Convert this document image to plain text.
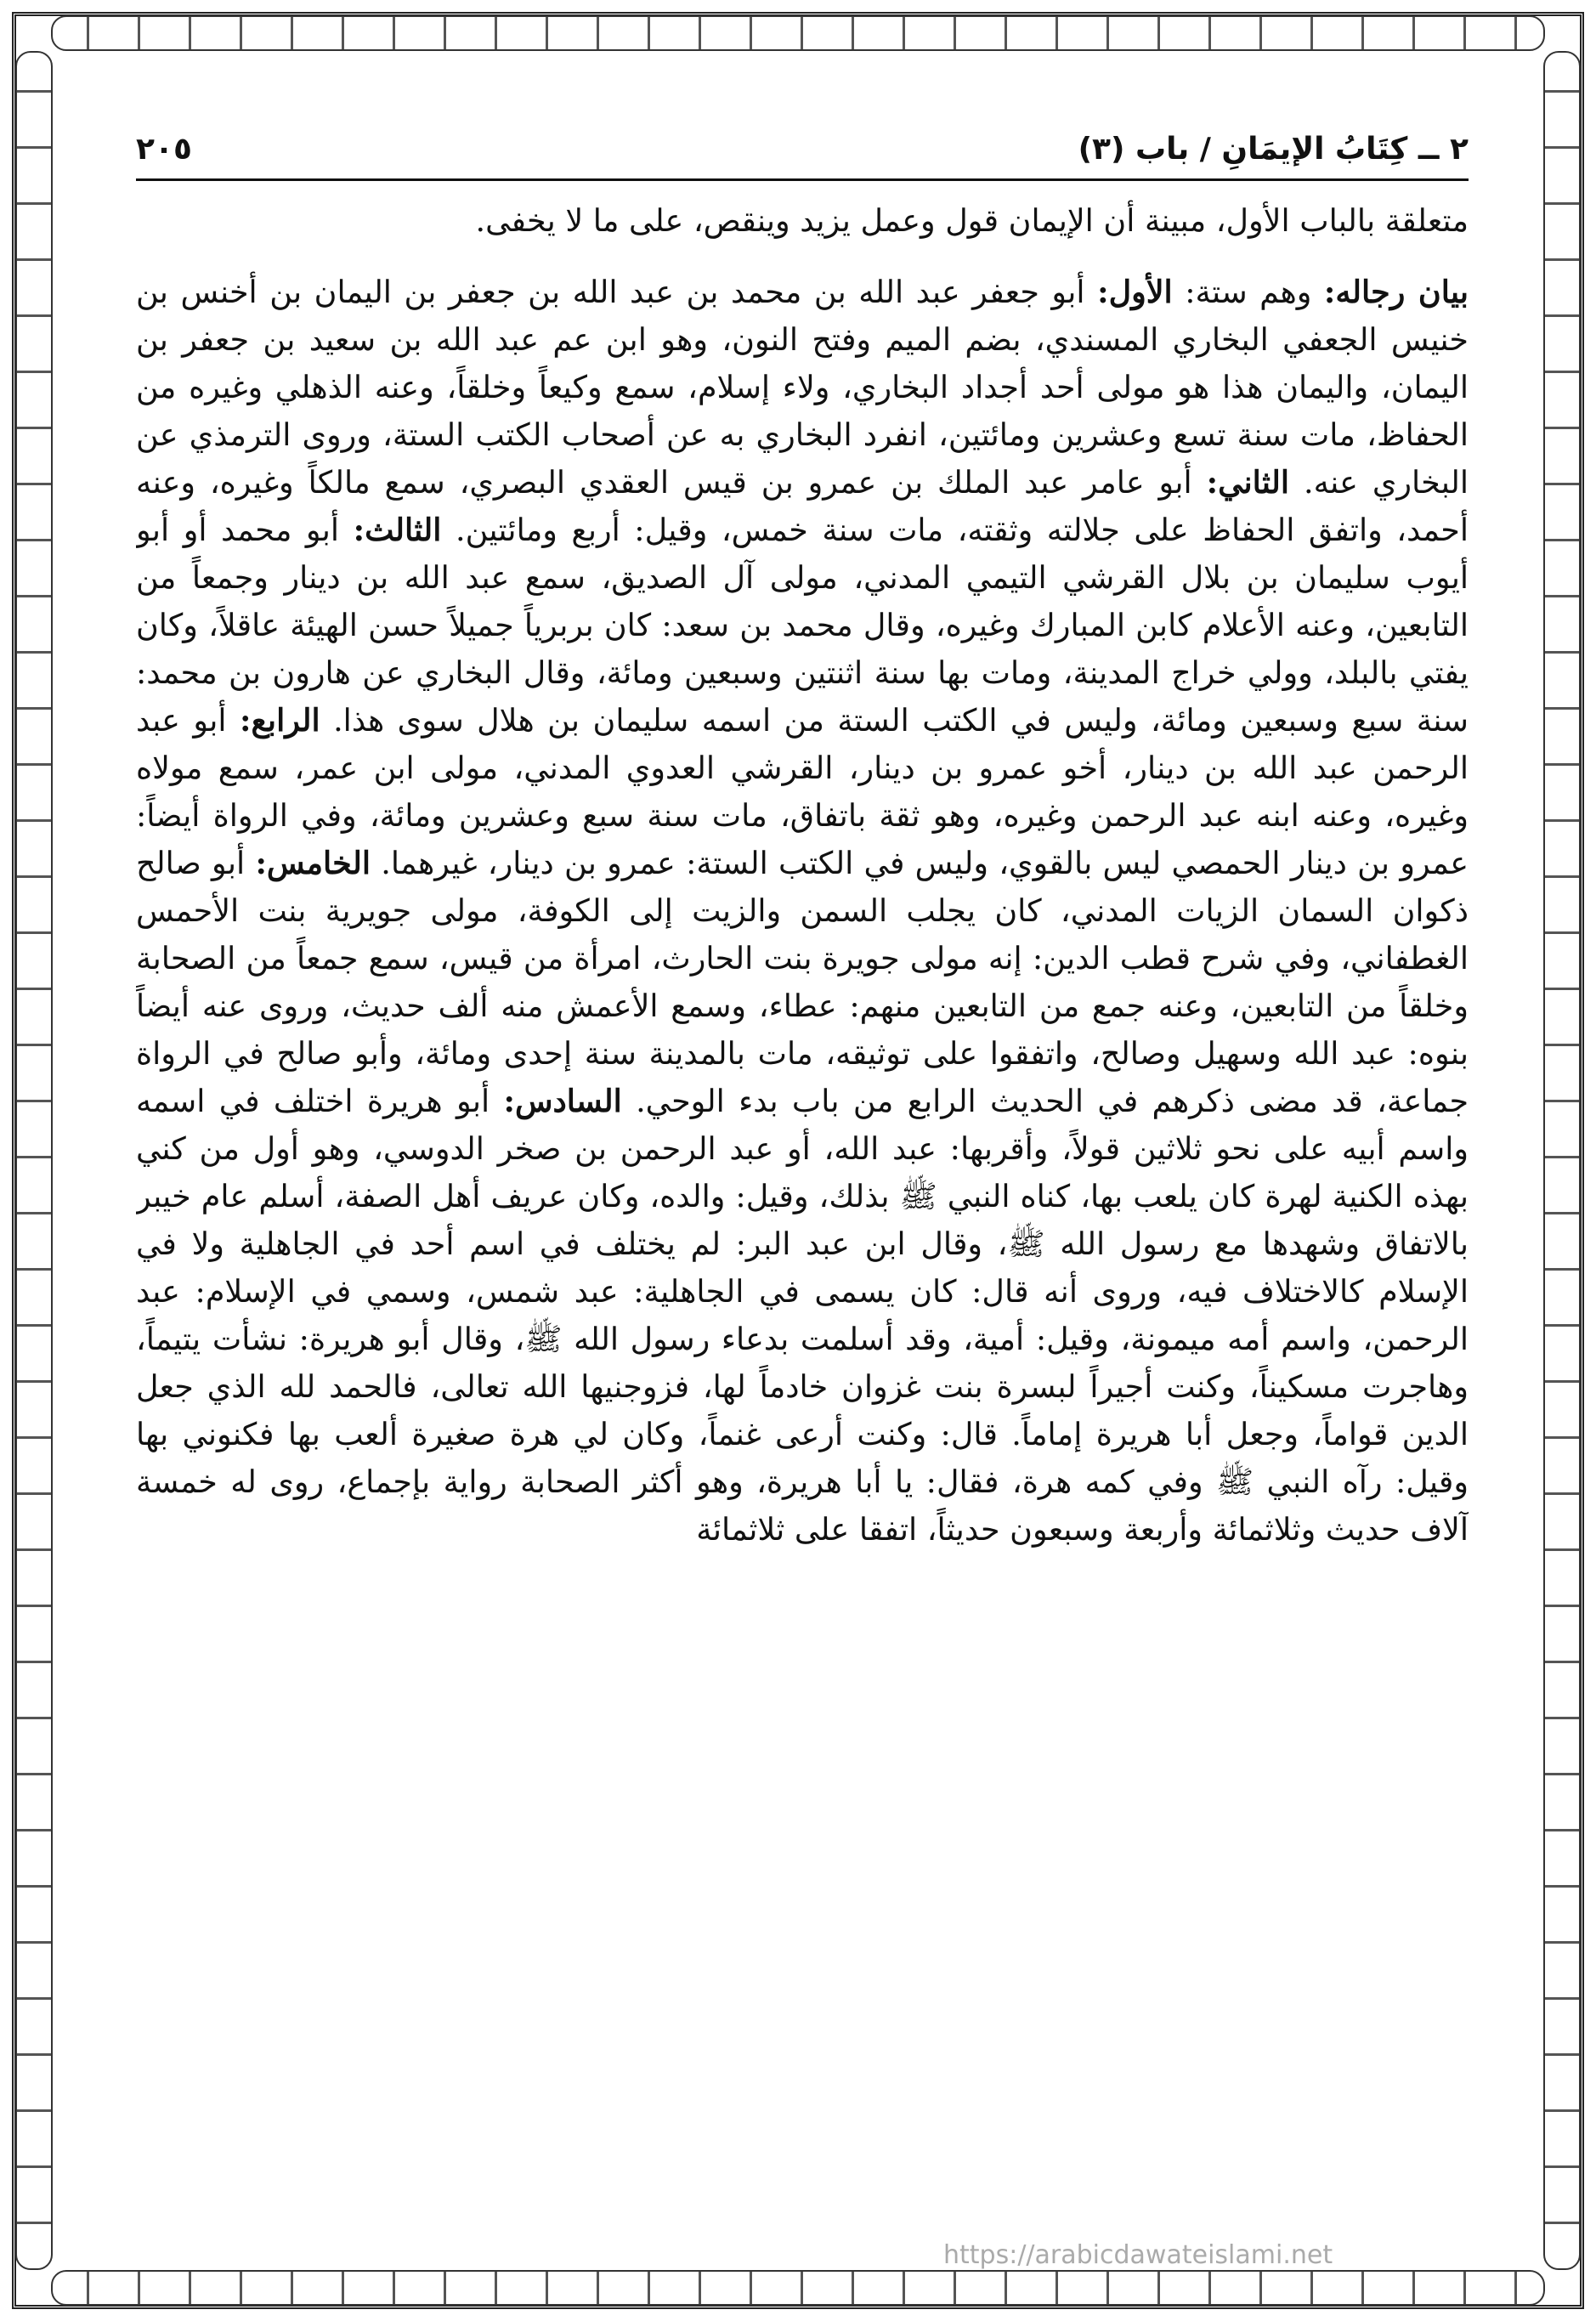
٢٠٥	٢ ــ كِتَابُ الإيمَانِ / باب (٣)

متعلقة بالباب الأول، مبينة أن الإيمان قول وعمل يزيد وينقص، على ما لا يخفى.

بيان رجاله: وهم ستة: الأول: أبو جعفر عبد الله بن محمد بن عبد الله بن جعفر بن اليمان بن أخنس بن خنيس الجعفي البخاري المسندي، بضم الميم وفتح النون، وهو ابن عم عبد الله بن سعيد بن جعفر بن اليمان، واليمان هذا هو مولى أحد أجداد البخاري، ولاء إسلام، سمع وكيعاً وخلقاً، وعنه الذهلي وغيره من الحفاظ، مات سنة تسع وعشرين ومائتين، انفرد البخاري به عن أصحاب الكتب الستة، وروى الترمذي عن البخاري عنه. الثاني: أبو عامر عبد الملك بن عمرو بن قيس العقدي البصري، سمع مالكاً وغيره، وعنه أحمد، واتفق الحفاظ على جلالته وثقته، مات سنة خمس، وقيل: أربع ومائتين. الثالث: أبو محمد أو أبو أيوب سليمان بن بلال القرشي التيمي المدني، مولى آل الصديق، سمع عبد الله بن دينار وجمعاً من التابعين، وعنه الأعلام كابن المبارك وغيره، وقال محمد بن سعد: كان بربرياً جميلاً حسن الهيئة عاقلاً، وكان يفتي بالبلد، وولي خراج المدينة، ومات بها سنة اثنتين وسبعين ومائة، وقال البخاري عن هارون بن محمد: سنة سبع وسبعين ومائة، وليس في الكتب الستة من اسمه سليمان بن هلال سوى هذا. الرابع: أبو عبد الرحمن عبد الله بن دينار، أخو عمرو بن دينار، القرشي العدوي المدني، مولى ابن عمر، سمع مولاه وغيره، وعنه ابنه عبد الرحمن وغيره، وهو ثقة باتفاق، مات سنة سبع وعشرين ومائة، وفي الرواة أيضاً: عمرو بن دينار الحمصي ليس بالقوي، وليس في الكتب الستة: عمرو بن دينار، غيرهما. الخامس: أبو صالح ذكوان السمان الزيات المدني، كان يجلب السمن والزيت إلى الكوفة، مولى جويرية بنت الأحمس الغطفاني، وفي شرح قطب الدين: إنه مولى جويرة بنت الحارث، امرأة من قيس، سمع جمعاً من الصحابة وخلقاً من التابعين، وعنه جمع من التابعين منهم: عطاء، وسمع الأعمش منه ألف حديث، وروى عنه أيضاً بنوه: عبد الله وسهيل وصالح، واتفقوا على توثيقه، مات بالمدينة سنة إحدى ومائة، وأبو صالح في الرواة جماعة، قد مضى ذكرهم في الحديث الرابع من باب بدء الوحي. السادس: أبو هريرة اختلف في اسمه واسم أبيه على نحو ثلاثين قولاً، وأقربها: عبد الله، أو عبد الرحمن بن صخر الدوسي، وهو أول من كني بهذه الكنية لهرة كان يلعب بها، كناه النبي ﷺ بذلك، وقيل: والده، وكان عريف أهل الصفة، أسلم عام خيبر بالاتفاق وشهدها مع رسول الله ﷺ، وقال ابن عبد البر: لم يختلف في اسم أحد في الجاهلية ولا في الإسلام كالاختلاف فيه، وروى أنه قال: كان يسمى في الجاهلية: عبد شمس، وسمي في الإسلام: عبد الرحمن، واسم أمه ميمونة، وقيل: أمية، وقد أسلمت بدعاء رسول الله ﷺ، وقال أبو هريرة: نشأت يتيماً، وهاجرت مسكيناً، وكنت أجيراً لبسرة بنت غزوان خادماً لها، فزوجنيها الله تعالى، فالحمد لله الذي جعل الدين قواماً، وجعل أبا هريرة إماماً. قال: وكنت أرعى غنماً، وكان لي هرة صغيرة ألعب بها فكنوني بها وقيل: رآه النبي ﷺ وفي كمه هرة، فقال: يا أبا هريرة، وهو أكثر الصحابة رواية بإجماع، روى له خمسة آلاف حديث وثلاثمائة وأربعة وسبعون حديثاً، اتفقا على ثلاثمائة

https://arabicdawateislami.net
